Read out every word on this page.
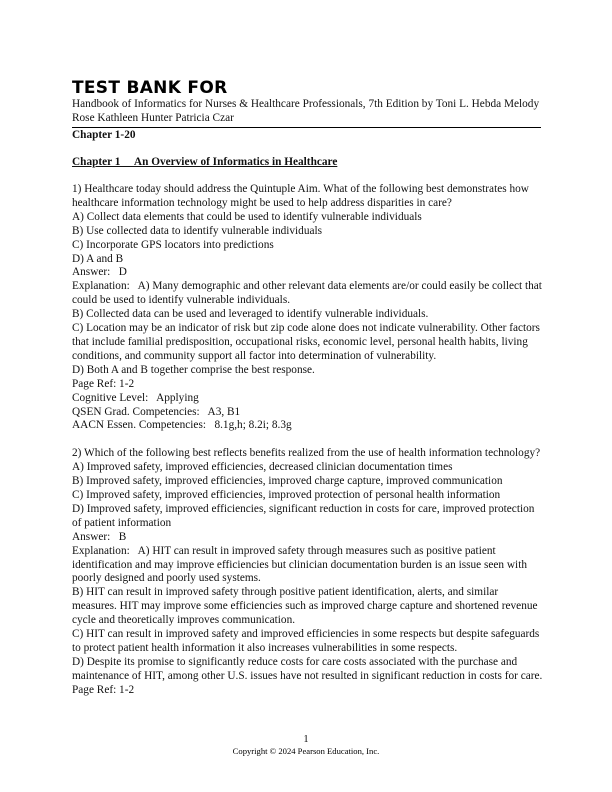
TEST BANK FOR
Handbook of Informatics for Nurses & Healthcare Professionals, 7th Edition by Toni L. Hebda Melody Rose Kathleen Hunter Patricia Czar
Chapter 1-20
Chapter 1     An Overview of Informatics in Healthcare

1) Healthcare today should address the Quintuple Aim. What of the following best demonstrates how healthcare information technology might be used to help address disparities in care?

A) Collect data elements that could be used to identify vulnerable individuals

B) Use collected data to identify vulnerable individuals

C) Incorporate GPS locators into predictions

D) A and B

Answer:   D

Explanation:   A) Many demographic and other relevant data elements are/or could easily be collect that could be used to identify vulnerable individuals.

B) Collected data can be used and leveraged to identify vulnerable individuals.

C) Location may be an indicator of risk but zip code alone does not indicate vulnerability. Other factors that include familial predisposition, occupational risks, economic level, personal health habits, living conditions, and community support all factor into determination of vulnerability.

D) Both A and B together comprise the best response.

Page Ref: 1-2

Cognitive Level:   Applying

QSEN Grad. Competencies:   A3, B1

AACN Essen. Competencies:   8.1g,h; 8.2i; 8.3g

2) Which of the following best reflects benefits realized from the use of health information technology?

A) Improved safety, improved efficiencies, decreased clinician documentation times

B) Improved safety, improved efficiencies, improved charge capture, improved communication

C) Improved safety, improved efficiencies, improved protection of personal health information

D) Improved safety, improved efficiencies, significant reduction in costs for care, improved protection of patient information

Answer:   B

Explanation:   A) HIT can result in improved safety through measures such as positive patient identification and may improve efficiencies but clinician documentation burden is an issue seen with poorly designed and poorly used systems.

B) HIT can result in improved safety through positive patient identification, alerts, and similar measures. HIT may improve some efficiencies such as improved charge capture and shortened revenue cycle and theoretically improves communication.

C) HIT can result in improved safety and improved efficiencies in some respects but despite safeguards to protect patient health information it also increases vulnerabilities in some respects.

D) Despite its promise to significantly reduce costs for care costs associated with the purchase and maintenance of HIT, among other U.S. issues have not resulted in significant reduction in costs for care.

Page Ref: 1-2

1
Copyright © 2024 Pearson Education, Inc.
